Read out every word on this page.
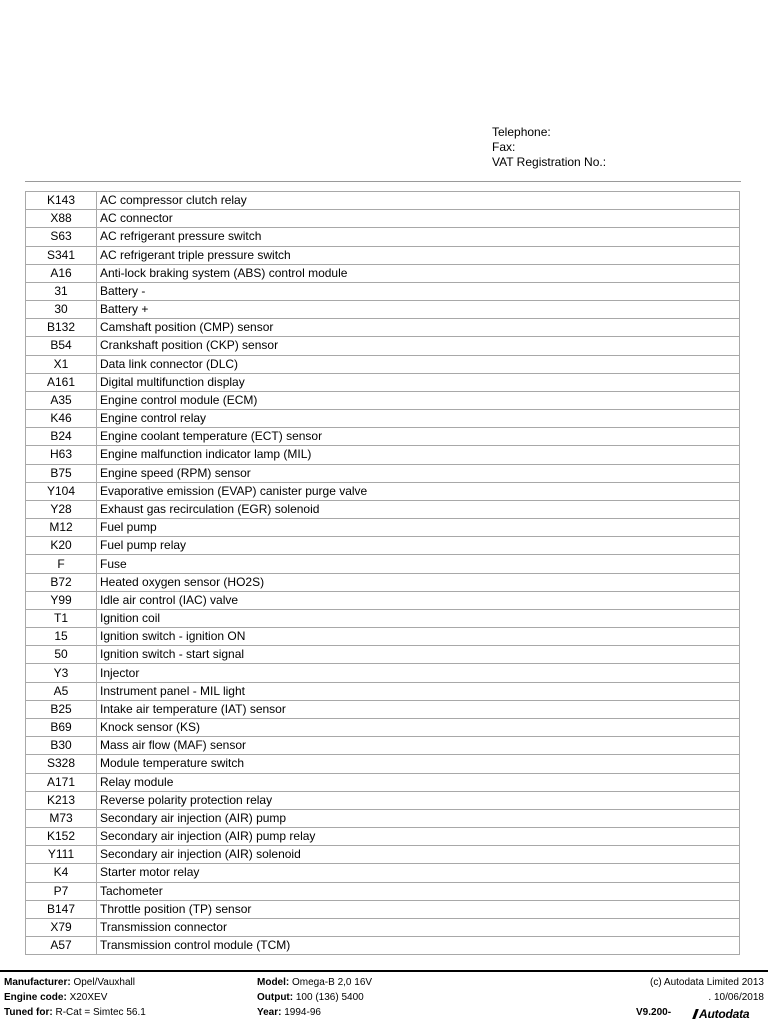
Telephone:
Fax:
VAT Registration No.:
K143	AC compressor clutch relay
X88	AC connector
S63	AC refrigerant pressure switch
S341	AC refrigerant triple pressure switch
A16	Anti-lock braking system (ABS) control module
31	Battery -
30	Battery +
B132	Camshaft position (CMP) sensor
B54	Crankshaft position (CKP) sensor
X1	Data link connector (DLC)
A161	Digital multifunction display
A35	Engine control module (ECM)
K46	Engine control relay
B24	Engine coolant temperature (ECT) sensor
H63	Engine malfunction indicator lamp (MIL)
B75	Engine speed (RPM) sensor
Y104	Evaporative emission (EVAP) canister purge valve
Y28	Exhaust gas recirculation (EGR) solenoid
M12	Fuel pump
K20	Fuel pump relay
F	Fuse
B72	Heated oxygen sensor (HO2S)
Y99	Idle air control (IAC) valve
T1	Ignition coil
15	Ignition switch - ignition ON
50	Ignition switch - start signal
Y3	Injector
A5	Instrument panel - MIL light
B25	Intake air temperature (IAT) sensor
B69	Knock sensor (KS)
B30	Mass air flow (MAF) sensor
S328	Module temperature switch
A171	Relay module
K213	Reverse polarity protection relay
M73	Secondary air injection (AIR) pump
K152	Secondary air injection (AIR) pump relay
Y111	Secondary air injection (AIR) solenoid
K4	Starter motor relay
P7	Tachometer
B147	Throttle position (TP) sensor
X79	Transmission connector
A57	Transmission control module (TCM)
Manufacturer: Opel/Vauxhall
Engine code: X20XEV
Tuned for: R-Cat = Simtec 56.1
Model: Omega-B 2,0 16V
Output: 100 (136) 5400
Year: 1994-96
(c) Autodata Limited 2013
. 10/06/2018
V9.200-	Autodata
